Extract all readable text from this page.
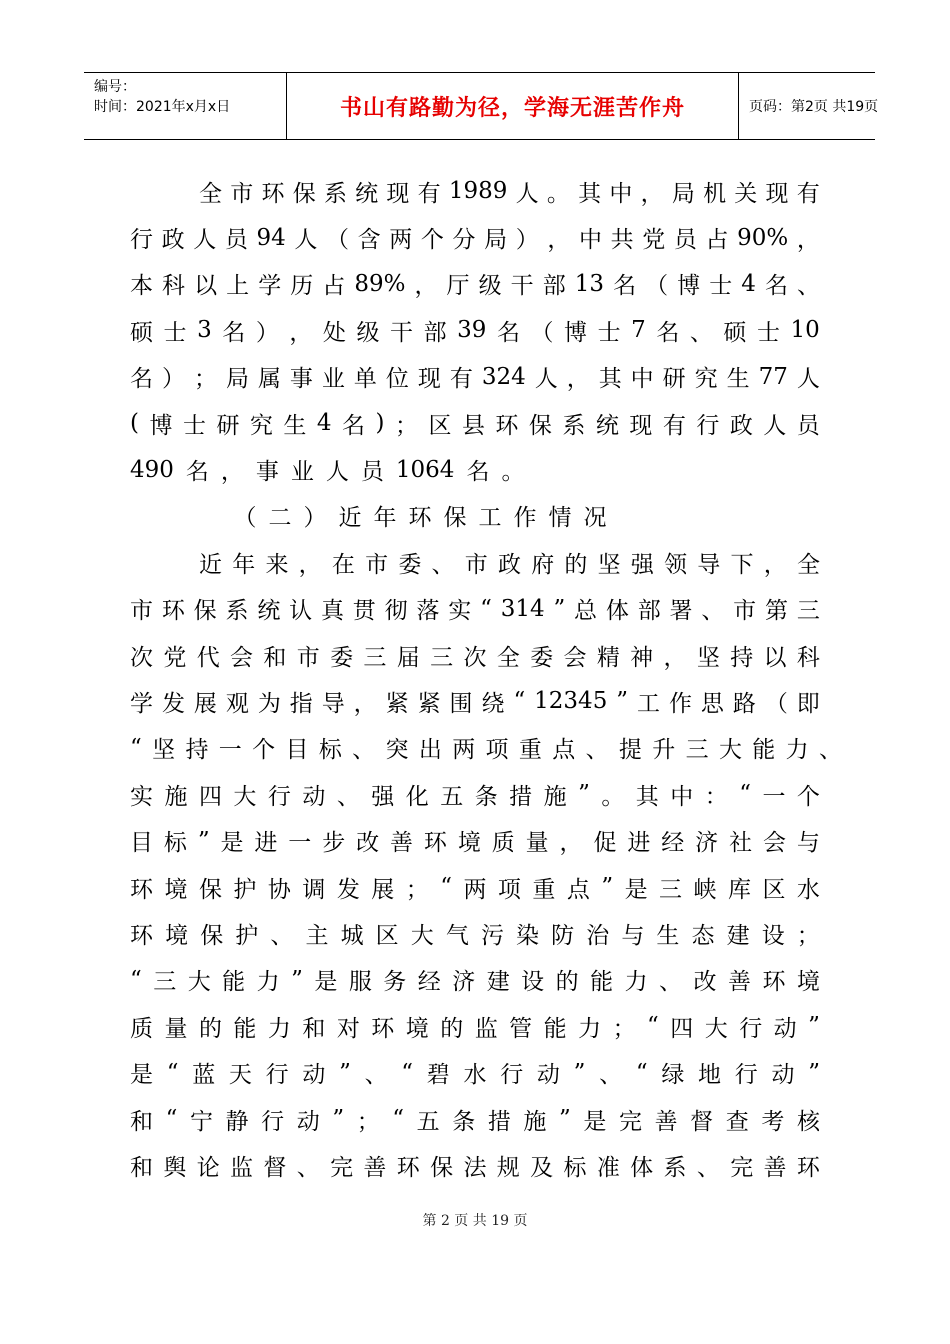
编号：
时间：2021年x月x日	书山有路勤为径，学海无涯苦作舟	页码：第2页 共19页
全 市 环 保 系 统 现 有 1989 人 。 其 中 ， 局 机 关 现 有
行 政 人 员 94 人 （ 含 两 个 分 局 ） ， 中 共 党 员 占 90% ，
本 科 以 上 学 历 占 89% ， 厅 级 干 部 13 名 （ 博 士 4 名 、
硕 士 3 名 ） ， 处 级 干 部 39 名 （ 博 士 7 名 、 硕 士 10
名 ） ； 局 属 事 业 单 位 现 有 324 人 ， 其 中 研 究 生 77 人
( 博 士 研 究 生 4 名 ) ； 区 县 环 保 系 统 现 有 行 政 人 员
490 名 ， 事 业 人 员 1064 名 。
（ 二 ） 近 年 环 保 工 作 情 况
近 年 来 ， 在 市 委 、 市 政 府 的 坚 强 领 导 下 ， 全
市 环 保 系 统 认 真 贯 彻 落 实 “ 314 ” 总 体 部 署 、 市 第 三
次 党 代 会 和 市 委 三 届 三 次 全 委 会 精 神 ， 坚 持 以 科
学 发 展 观 为 指 导 ， 紧 紧 围 绕 “ 12345 ” 工 作 思 路 （ 即
“ 坚 持 一 个 目 标 、 突 出 两 项 重 点 、 提 升 三 大 能 力 、
实 施 四 大 行 动 、 强 化 五 条 措 施 ” 。 其 中 ： “ 一 个
目 标 ” 是 进 一 步 改 善 环 境 质 量 ， 促 进 经 济 社 会 与
环 境 保 护 协 调 发 展 ； “ 两 项 重 点 ” 是 三 峡 库 区 水
环 境 保 护 、 主 城 区 大 气 污 染 防 治 与 生 态 建 设 ；
“ 三 大 能 力 ” 是 服 务 经 济 建 设 的 能 力 、 改 善 环 境
质 量 的 能 力 和 对 环 境 的 监 管 能 力 ； “ 四 大 行 动 ”
是 “ 蓝 天 行 动 ” 、 “ 碧 水 行 动 ” 、 “ 绿 地 行 动 ”
和 “ 宁 静 行 动 ” ； “ 五 条 措 施 ” 是 完 善 督 查 考 核
和 舆 论 监 督 、 完 善 环 保 法 规 及 标 准 体 系 、 完 善 环
第 2 页 共 19 页
